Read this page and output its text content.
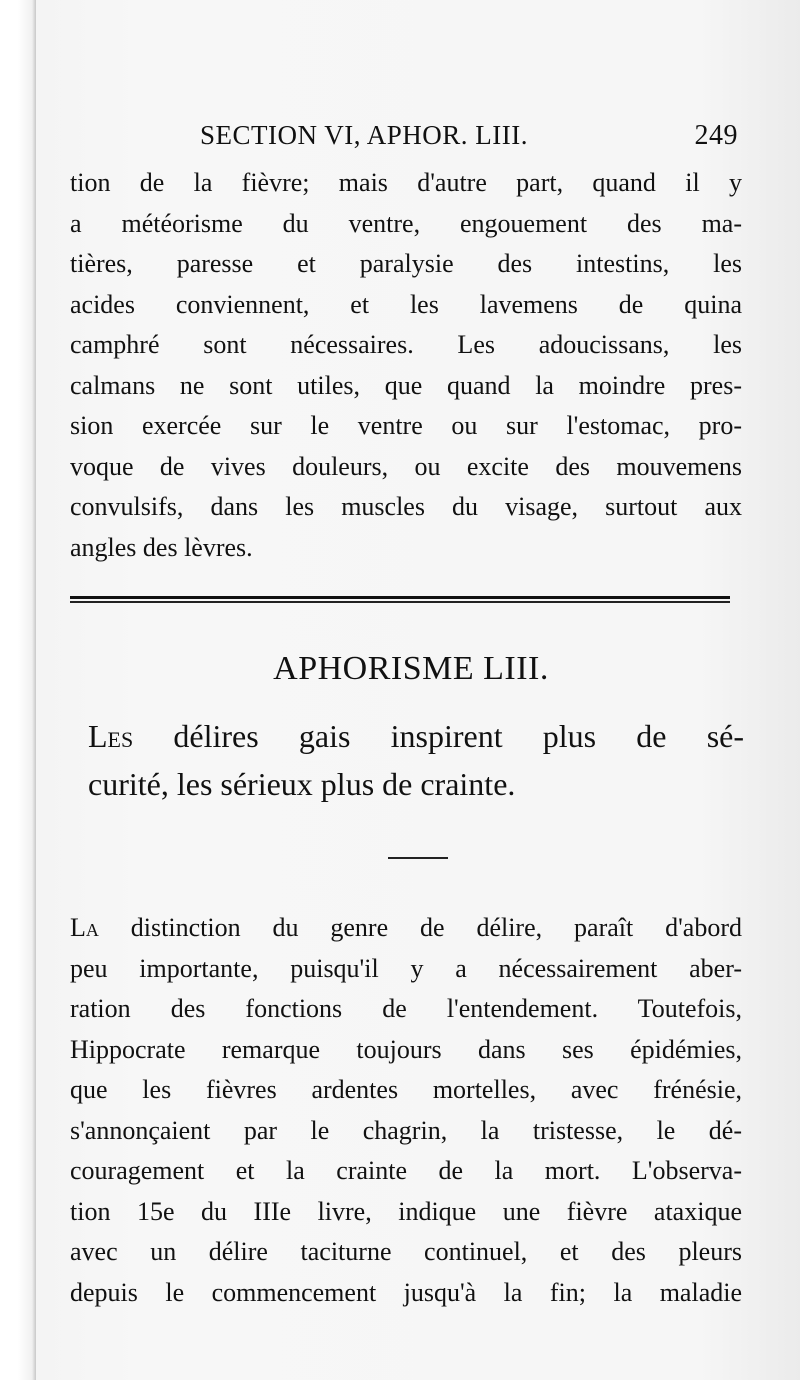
SECTION VI, APHOR. LIII.	249
tion de la fièvre; mais d'autre part, quand il y
a météorisme du ventre, engouement des ma-
tières, paresse et paralysie des intestins, les
acides conviennent, et les lavemens de quina
camphré sont nécessaires. Les adoucissans, les
calmans ne sont utiles, que quand la moindre pres-
sion exercée sur le ventre ou sur l'estomac, pro-
voque de vives douleurs, ou excite des mouvemens
convulsifs, dans les muscles du visage, surtout aux
angles des lèvres.
APHORISME LIII.
Les délires gais inspirent plus de sé-
curité, les sérieux plus de crainte.
La distinction du genre de délire, paraît d'abord
peu importante, puisqu'il y a nécessairement aber-
ration des fonctions de l'entendement. Toutefois,
Hippocrate remarque toujours dans ses épidémies,
que les fièvres ardentes mortelles, avec frénésie,
s'annonçaient par le chagrin, la tristesse, le dé-
couragement et la crainte de la mort. L'observa-
tion 15e du IIIe livre, indique une fièvre ataxique
avec un délire taciturne continuel, et des pleurs
depuis le commencement jusqu'à la fin; la maladie
